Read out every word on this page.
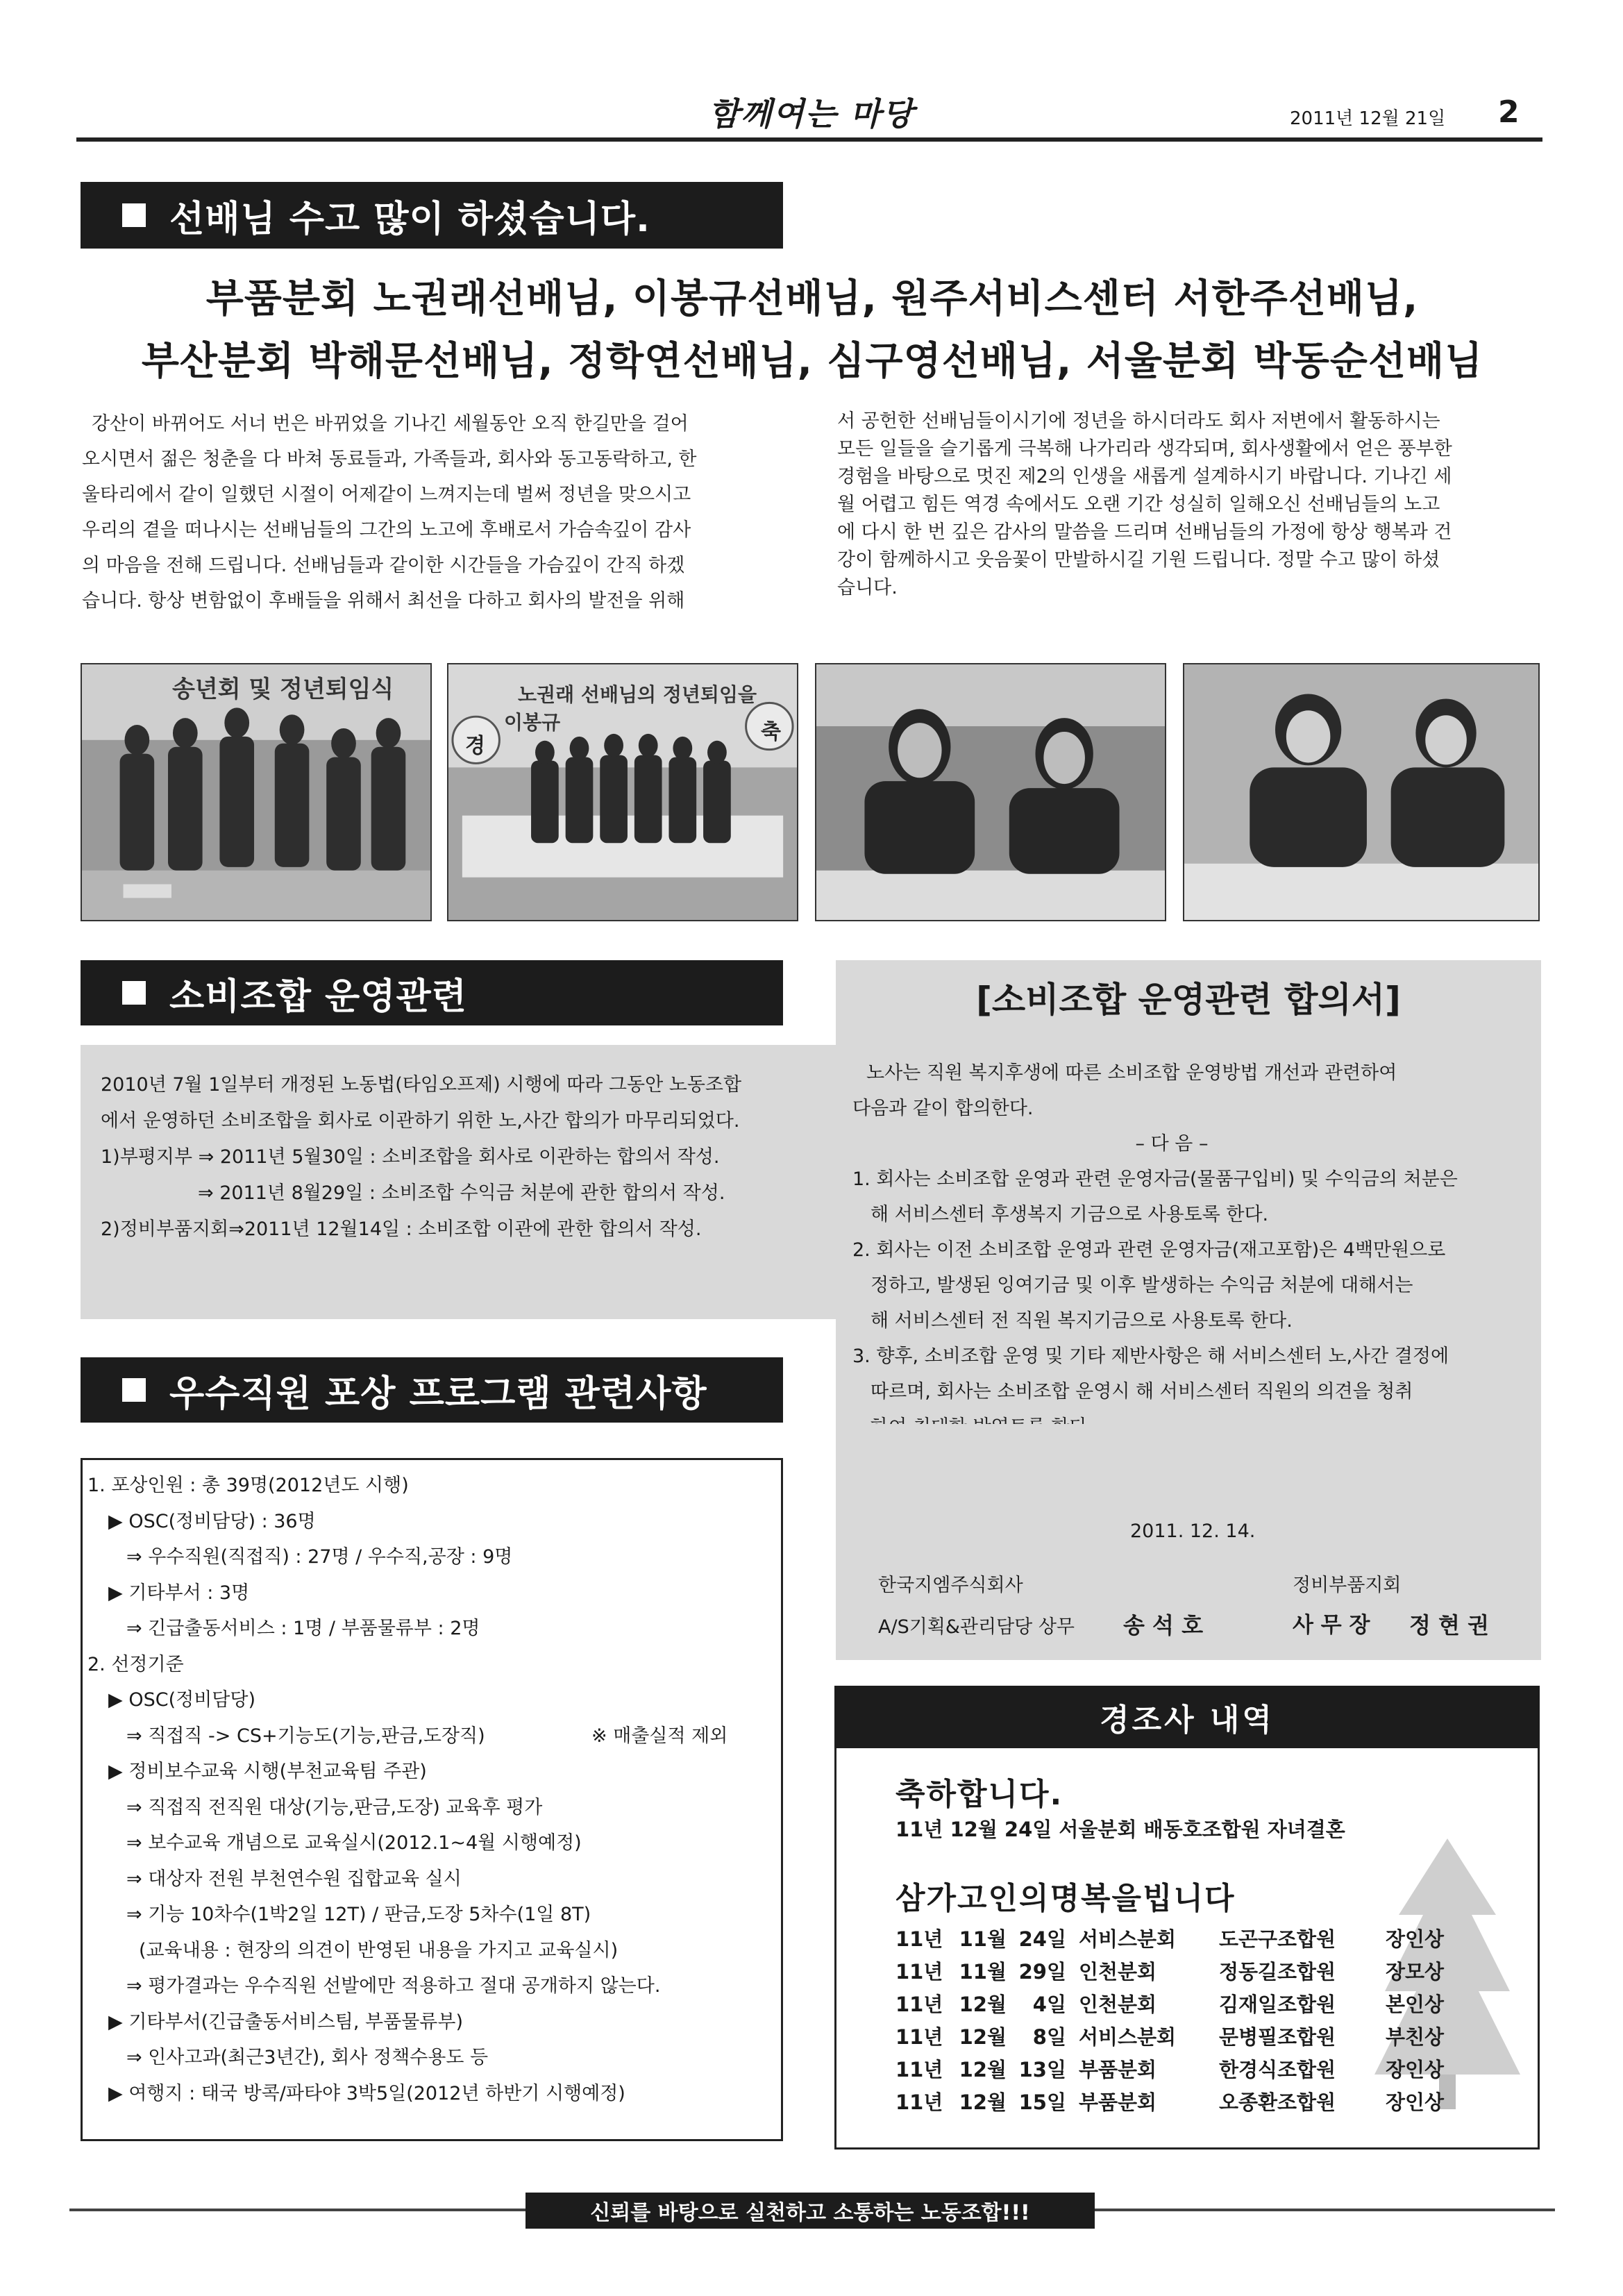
함께여는 마당	2011년 12월 21일 2
선배님 수고 많이 하셨습니다.
부품분회 노권래선배님, 이봉규선배님, 원주서비스센터 서한주선배님,
부산분회 박해문선배님, 정학연선배님, 심구영선배님, 서울분회 박동순선배님
강산이 바뀌어도 서너 번은 바뀌었을 기나긴 세월동안 오직 한길만을 걸어
오시면서 젊은 청춘을 다 바쳐 동료들과, 가족들과, 회사와 동고동락하고, 한
울타리에서 같이 일했던 시절이 어제같이 느껴지는데 벌써 정년을 맞으시고
우리의 곁을 떠나시는 선배님들의 그간의 노고에 후배로서 가슴속깊이 감사
의 마음을 전해 드립니다. 선배님들과 같이한 시간들을 가슴깊이 간직 하겠
습니다. 항상 변함없이 후배들을 위해서 최선을 다하고 회사의 발전을 위해
서 공헌한 선배님들이시기에 정년을 하시더라도 회사 저변에서 활동하시는
모든 일들을 슬기롭게 극복해 나가리라 생각되며, 회사생활에서 얻은 풍부한
경험을 바탕으로 멋진 제2의 인생을 새롭게 설계하시기 바랍니다. 기나긴 세
월 어렵고 힘든 역경 속에서도 오랜 기간 성실히 일해오신 선배님들의 노고
에 다시 한 번 깊은 감사의 말씀을 드리며 선배님들의 가정에 항상 행복과 건
강이 함께하시고 웃음꽃이 만발하시길 기원 드립니다. 정말 수고 많이 하셨
습니다.
송년회 및 정년퇴임식	노권래 선배님의 정년퇴임을
이봉규
경
축
소비조합 운영관련
2010년 7월 1일부터 개정된 노동법(타임오프제) 시행에 따라 그동안 노동조합
에서 운영하던 소비조합을 회사로 이관하기 위한 노,사간 합의가 마무리되었다.
1)부평지부 ⇒ 2011년 5월30일 : 소비조합을 회사로 이관하는 합의서 작성.
⇒ 2011년 8월29일 : 소비조합 수익금 처분에 관한 합의서 작성.
2)정비부품지회⇒2011년 12월14일 : 소비조합 이관에 관한 합의서 작성.
[소비조합 운영관련 합의서]
노사는 직원 복지후생에 따른 소비조합 운영방법 개선과 관련하여
다음과 같이 합의한다.
– 다 음 –
1. 회사는 소비조합 운영과 관련 운영자금(물품구입비) 및 수익금의 처분은
해 서비스센터 후생복지 기금으로 사용토록 한다.
2. 회사는 이전 소비조합 운영과 관련 운영자금(재고포함)은 4백만원으로
정하고, 발생된 잉여기금 및 이후 발생하는 수익금 처분에 대해서는
해 서비스센터 전 직원 복지기금으로 사용토록 한다.
3. 향후, 소비조합 운영 및 기타 제반사항은 해 서비스센터 노,사간 결정에
따르며, 회사는 소비조합 운영시 해 서비스센터 직원의 의견을 청취
2011. 12. 14.
한국지엠주식회사	정비부품지회
A/S기획&관리담당 상무 송 석 호	사 무 장 정 현 권
우수직원 포상 프로그램 관련사항
1. 포상인원 : 총 39명(2012년도 시행)
▶ OSC(정비담당) : 36명
⇒ 우수직원(직접직) : 27명 / 우수직,공장 : 9명
▶ 기타부서 : 3명
⇒ 긴급출동서비스 : 1명 / 부품물류부 : 2명
2. 선정기준
▶ OSC(정비담당)
⇒ 직접직 -> CS+기능도(기능,판금,도장직)	※ 매출실적 제외
▶ 정비보수교육 시행(부천교육팀 주관)
⇒ 직접직 전직원 대상(기능,판금,도장) 교육후 평가
⇒ 보수교육 개념으로 교육실시(2012.1~4월 시행예정)
⇒ 대상자 전원 부천연수원 집합교육 실시
⇒ 기능 10차수(1박2일 12T) / 판금,도장 5차수(1일 8T)
(교육내용 : 현장의 의견이 반영된 내용을 가지고 교육실시)
⇒ 평가결과는 우수직원 선발에만 적용하고 절대 공개하지 않는다.
▶ 기타부서(긴급출동서비스팀, 부품물류부)
⇒ 인사고과(최근3년간), 회사 정책수용도 등
▶ 여행지 : 태국 방콕/파타야 3박5일(2012년 하반기 시행예정)
경조사 내역
축하합니다.
11년 12월 24일 서울분회 배동호조합원 자녀결혼
삼가고인의명복을빕니다
11년 11월 24일 서비스분회	도곤구조합원	장인상
11년 11월 29일 인천분회	정동길조합원	장모상
11년 12월	4일 인천분회	김재일조합원	본인상
11년 12월	8일 서비스분회	문병필조합원	부친상
11년 12월 13일 부품분회	한경식조합원	장인상
11년 12월 15일 부품분회	오종환조합원	장인상
신뢰를 바탕으로 실천하고 소통하는 노동조합!!!
